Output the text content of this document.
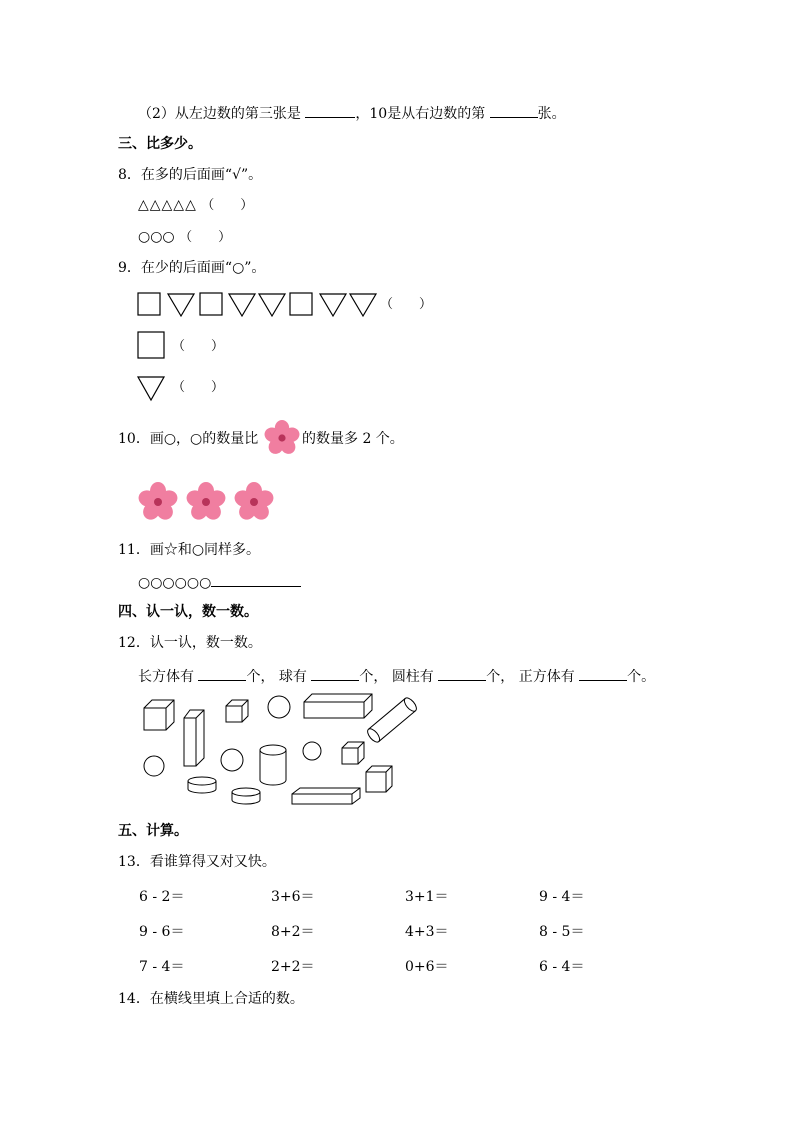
（2）从左边数的第三张是	，10是从右边数的第	张。
三、比多少。
8．在多的后面画“√”。
△△△△△ （　　）
○○○ （　　）
9．在少的后面画“○”。
（　　）
（　　）
（　　）
10．画○，○的数量比	的数量多 2 个。
11．画☆和○同样多。
○○○○○○
四、认一认，数一数。
12．认一认，数一数。
长方体有	个， 球有	个， 圆柱有	个， 正方体有	个。
五、计算。
13．看谁算得又对又快。
6 - 2＝	3+6＝	3+1＝	9 - 4＝
9 - 6＝	8+2＝	4+3＝	8 - 5＝
7 - 4＝	2+2＝	0+6＝	6 - 4＝
14．在横线里填上合适的数。
